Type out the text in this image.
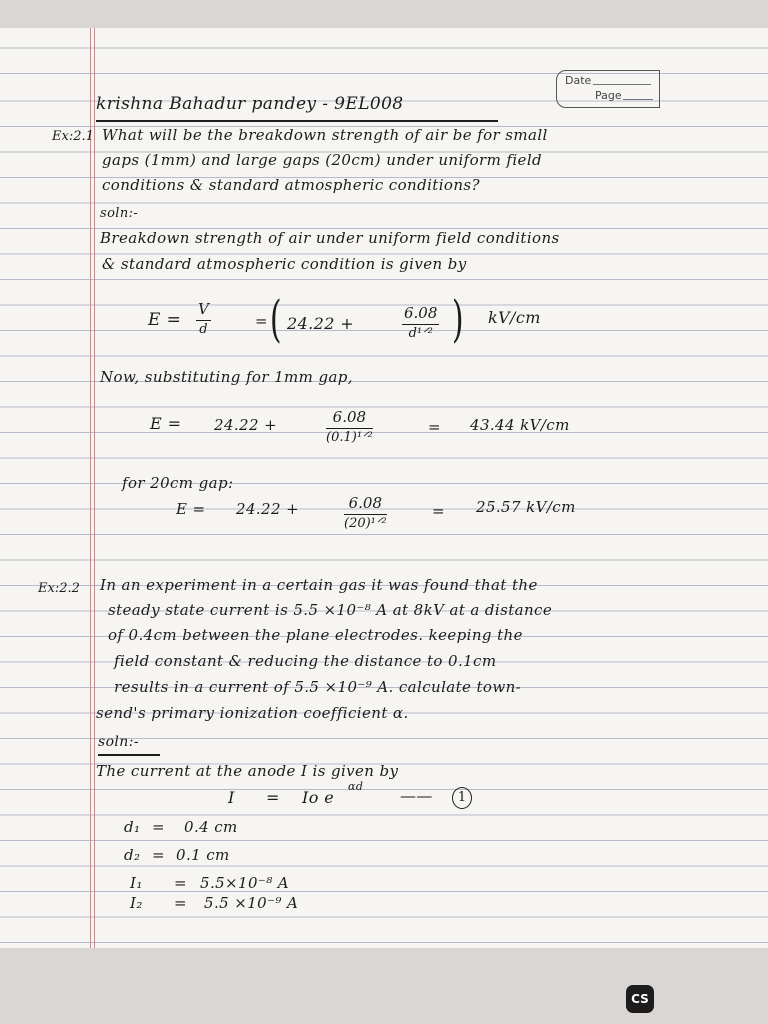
Date
Page
krishna Bahadur pandey - 9EL008
Ex:2.1 What will be the breakdown strength of air be for small
gaps (1mm) and large gaps (20cm) under uniform field
conditions & standard atmospheric conditions?
soln:-
Breakdown strength of air under uniform field conditions
& standard atmospheric condition is given by
$E = \frac{V}{d}$	= ( 24.22 +
6.08
d¹ᐟ² ) kV/cm
Now, substituting for 1mm gap,
E = 24.22 +	6.08
(0.1)¹ᐟ²
= 43.44 kV/cm
for 20cm gap:
E = 24.22 +	6.08
(20)¹ᐟ²
= 25.57 kV/cm
Ex:2.2 In an experiment in a certain gas it was found that the
steady state current is 5.5 ×10⁻⁸ A at 8kV at a distance
of 0.4cm between the plane electrodes. keeping the
field constant & reducing the distance to 0.1cm
results in a current of 5.5 ×10⁻⁹ A. calculate town-
send's primary ionization coefficient α.
soln:-
The current at the anode I is given by
I = Io e
αd ——	1
d₁ = 0.4 cm
d₂ = 0.1 cm
I₁ = 5.5×10⁻⁸ A
I₂ = 5.5 ×10⁻⁹ A
CS
